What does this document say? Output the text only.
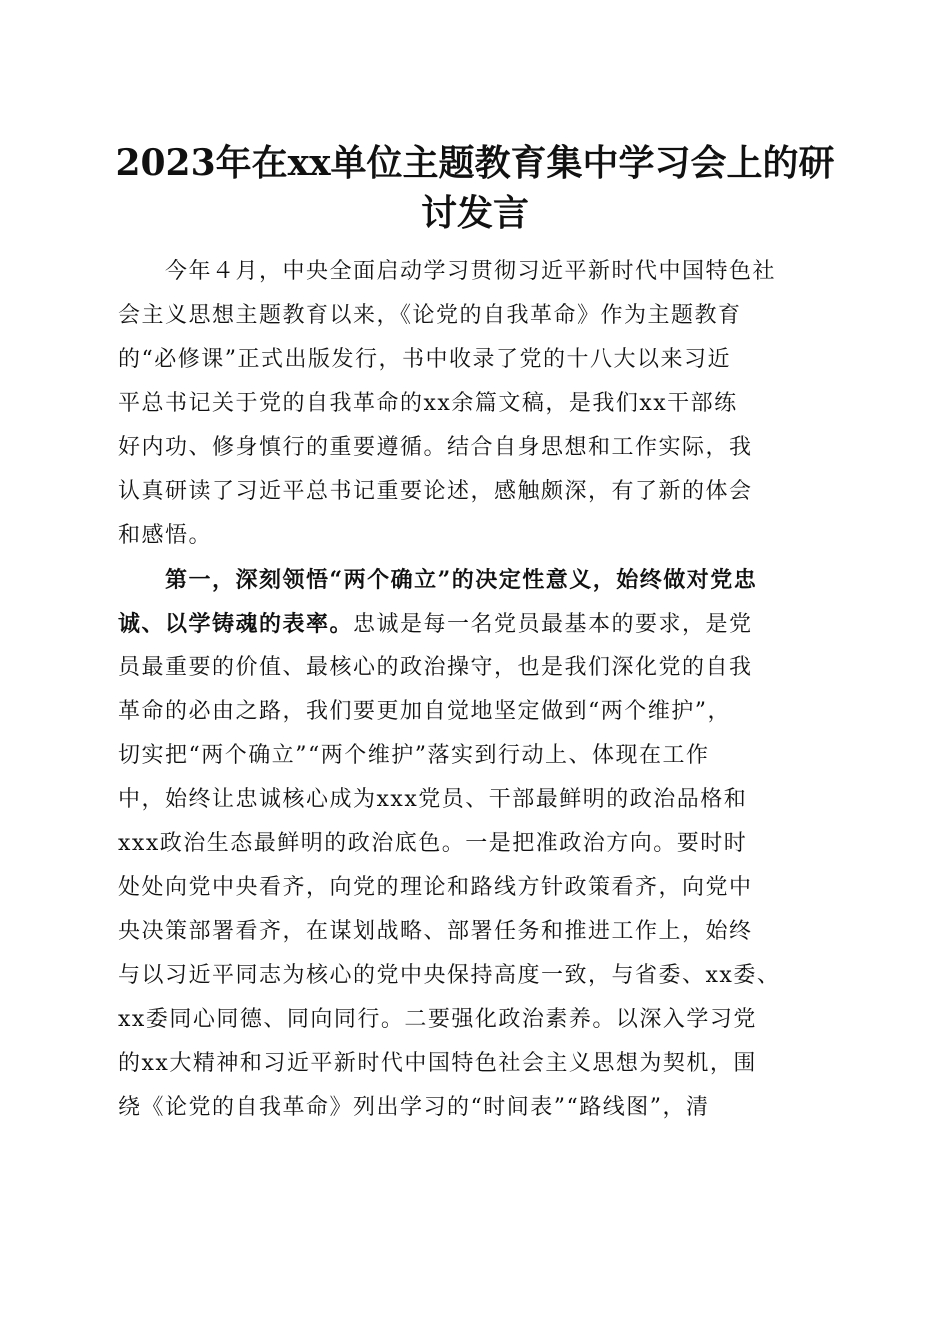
2023年在xx单位主题教育集中学习会上的研
讨发言
　　今年４月，中央全面启动学习贯彻习近平新时代中国特色社
会主义思想主题教育以来，《论党的自我革命》作为主题教育
的“必修课”正式出版发行，书中收录了党的十八大以来习近
平总书记关于党的自我革命的xx余篇文稿，是我们xx干部练
好内功、修身慎行的重要遵循。结合自身思想和工作实际，我
认真研读了习近平总书记重要论述，感触颇深，有了新的体会
和感悟。
　　第一，深刻领悟“两个确立”的决定性意义，始终做对党忠
诚、以学铸魂的表率。忠诚是每一名党员最基本的要求，是党
员最重要的价值、最核心的政治操守，也是我们深化党的自我
革命的必由之路，我们要更加自觉地坚定做到“两个维护”，
切实把“两个确立”“两个维护”落实到行动上、体现在工作
中，始终让忠诚核心成为xxx党员、干部最鲜明的政治品格和
xxx政治生态最鲜明的政治底色。一是把准政治方向。要时时
处处向党中央看齐，向党的理论和路线方针政策看齐，向党中
央决策部署看齐，在谋划战略、部署任务和推进工作上，始终
与以习近平同志为核心的党中央保持高度一致，与省委、xx委、
xx委同心同德、同向同行。二要强化政治素养。以深入学习党
的xx大精神和习近平新时代中国特色社会主义思想为契机，围
绕《论党的自我革命》列出学习的“时间表”“路线图”，清
